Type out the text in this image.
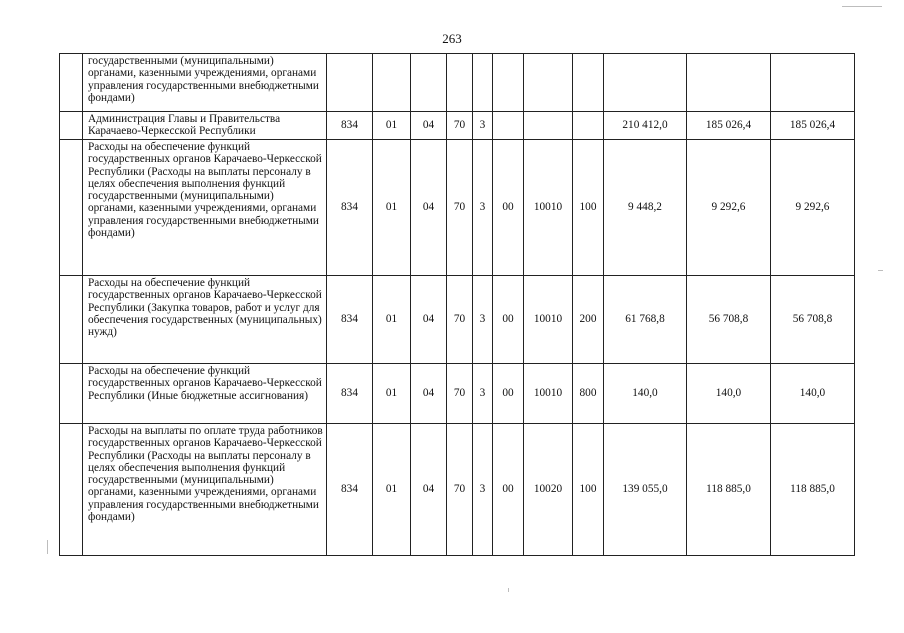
263
	государственными (муниципальными) органами, казенными учреждениями, органами управления государственными внебюджетными фондами)											
	Администрация Главы и Правительства Карачаево-Черкесской Республики	834	01	04	70	3				210 412,0	185 026,4	185 026,4
	Расходы на обеспечение функций государственных органов Карачаево-Черкесской Республики (Расходы на выплаты персоналу в целях обеспечения выполнения функций государственными (муниципальными) органами, казенными учреждениями, органами управления государственными внебюджетными фондами)	834	01	04	70	3	00	10010	100	9 448,2	9 292,6	9 292,6
	Расходы на обеспечение функций государственных органов Карачаево-Черкесской Республики (Закупка товаров, работ и услуг для обеспечения государственных (муниципальных) нужд)	834	01	04	70	3	00	10010	200	61 768,8	56 708,8	56 708,8
	Расходы на обеспечение функций государственных органов Карачаево-Черкесской Республики (Иные бюджетные ассигнования)	834	01	04	70	3	00	10010	800	140,0	140,0	140,0
	Расходы на выплаты по оплате труда работников государственных органов Карачаево-Черкесской Республики (Расходы на выплаты персоналу в целях обеспечения выполнения функций государственными (муниципальными) органами, казенными учреждениями, органами управления государственными внебюджетными фондами)	834	01	04	70	3	00	10020	100	139 055,0	118 885,0	118 885,0
